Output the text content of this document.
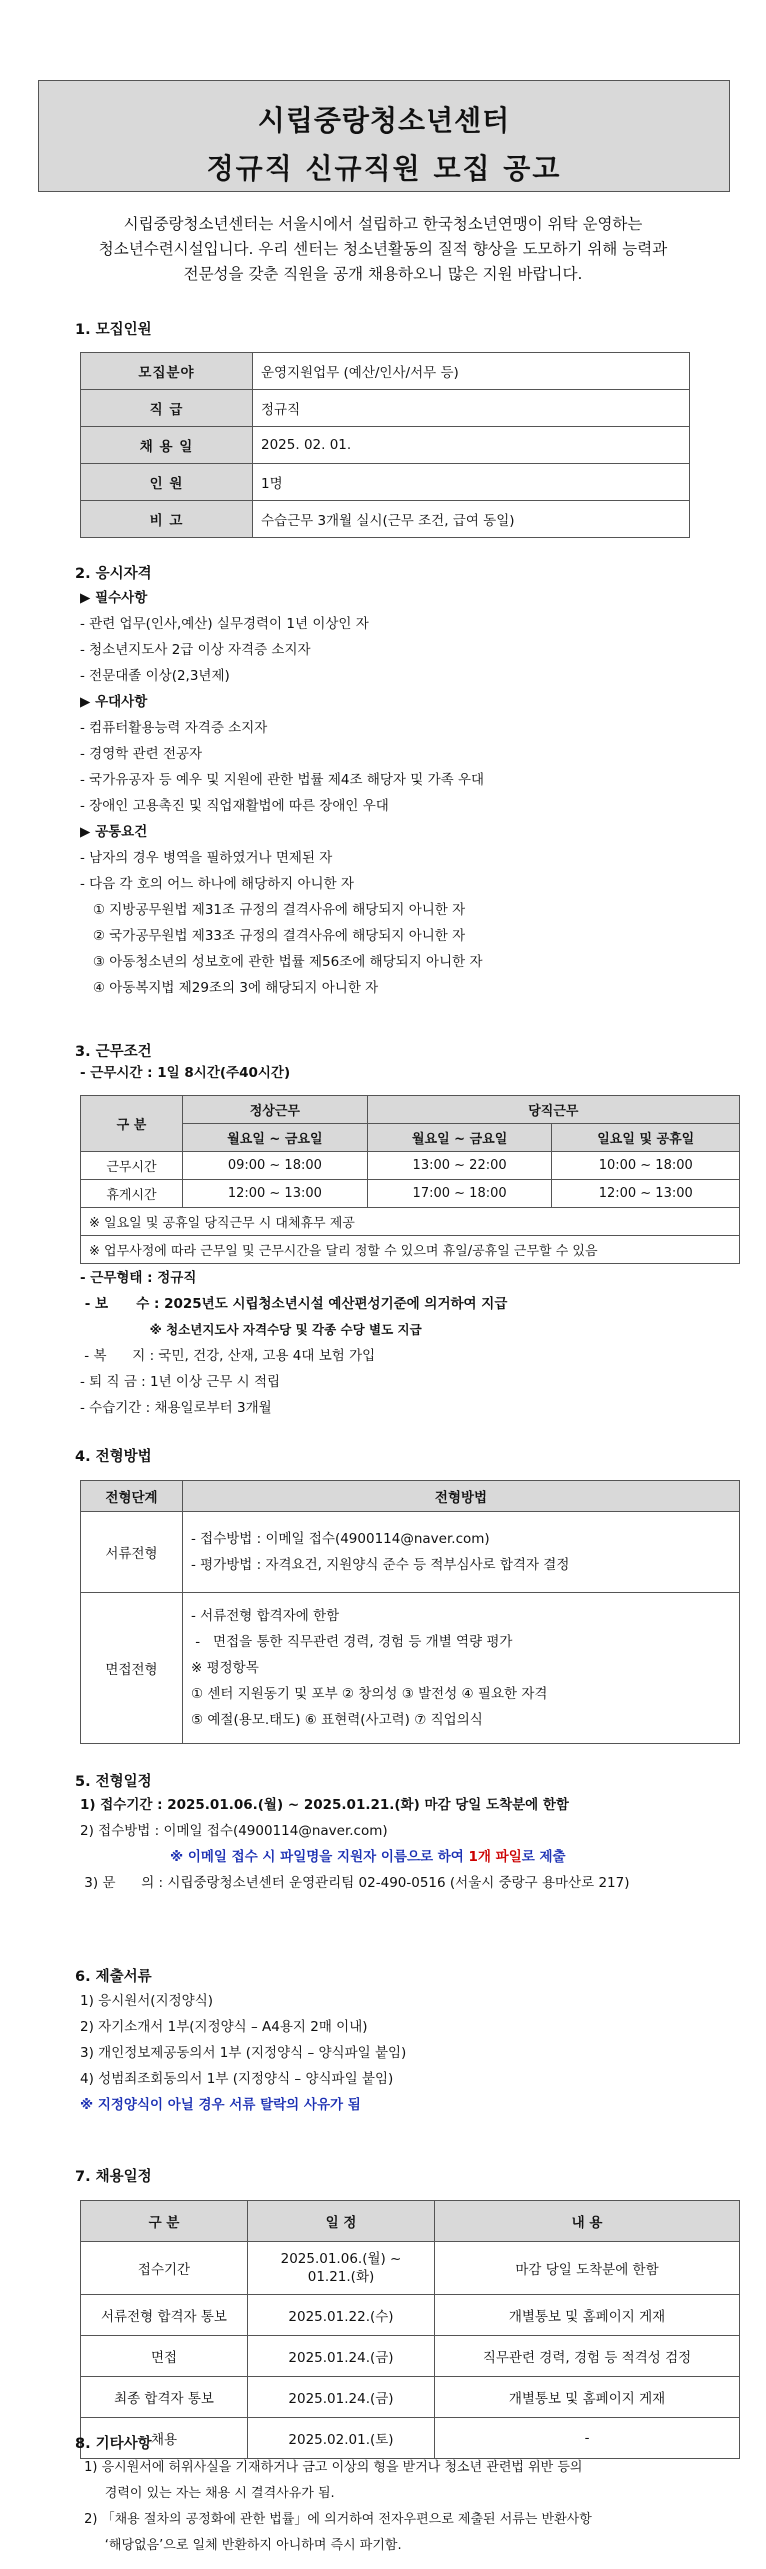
시립중랑청소년센터
정규직 신규직원 모집 공고
시립중랑청소년센터는 서울시에서 설립하고 한국청소년연맹이 위탁 운영하는
청소년수련시설입니다. 우리 센터는 청소년활동의 질적 향상을 도모하기 위해 능력과
전문성을 갖춘 직원을 공개 채용하오니 많은 지원 바랍니다.
1. 모집인원
모집분야	운영지원업무 (예산/인사/서무 등)
직 급	정규직
채 용 일	2025. 02. 01.
인 원	1명
비 고	수습근무 3개월 실시(근무 조건, 급여 동일)
2. 응시자격
▶ 필수사항
- 관련 업무(인사,예산) 실무경력이 1년 이상인 자
- 청소년지도사 2급 이상 자격증 소지자
- 전문대졸 이상(2,3년제)
▶ 우대사항
- 컴퓨터활용능력 자격증 소지자
- 경영학 관련 전공자
- 국가유공자 등 예우 및 지원에 관한 법률 제4조 해당자 및 가족 우대
- 장애인 고용촉진 및 직업재활법에 따른 장애인 우대
▶ 공통요건
- 남자의 경우 병역을 필하였거나 면제된 자
- 다음 각 호의 어느 하나에 해당하지 아니한 자
① 지방공무원법 제31조 규정의 결격사유에 해당되지 아니한 자
② 국가공무원법 제33조 규정의 결격사유에 해당되지 아니한 자
③ 아동청소년의 성보호에 관한 법률 제56조에 해당되지 아니한 자
④ 아동복지법 제29조의 3에 해당되지 아니한 자
3. 근무조건
- 근무시간 : 1일 8시간(주40시간)
구 분	정상근무	당직근무	
	월요일 ~ 금요일	월요일 ~ 금요일	일요일 및 공휴일
근무시간	09:00 ~ 18:00	13:00 ~ 22:00	10:00 ~ 18:00
휴게시간	12:00 ~ 13:00	17:00 ~ 18:00	12:00 ~ 13:00
※ 일요일 및 공휴일 당직근무 시 대체휴무 제공			
※ 업무사정에 따라 근무일 및 근무시간을 달리 정할 수 있으며 휴일/공휴일 근무할 수 있음			
- 근무형태 : 정규직
- 보      수 : 2025년도 시립청소년시설 예산편성기준에 의거하여 지급
※ 청소년지도사 자격수당 및 각종 수당 별도 지급
- 복      지 : 국민, 건강, 산재, 고용 4대 보험 가입
- 퇴 직 금 : 1년 이상 근무 시 적립
- 수습기간 : 채용일로부터 3개월
4. 전형방법
전형단계	전형방법
서류전형	- 접수방법 : 이메일 접수(4900114@naver.com)
- 평가방법 : 자격요건, 지원양식 준수 등 적부심사로 합격자 결정

면접전형	- 서류전형 합격자에 한함
-   면접을 통한 직무관련 경력, 경험 등 개별 역량 평가
※ 평정항목
① 센터 지원동기 및 포부 ② 창의성 ③ 발전성 ④ 필요한 자격
⑤ 예절(용모.태도) ⑥ 표현력(사고력) ⑦ 직업의식
5. 전형일정
1) 접수기간 : 2025.01.06.(월) ~ 2025.01.21.(화) 마감 당일 도착분에 한함
2) 접수방법 : 이메일 접수(4900114@naver.com)
※ 이메일 접수 시 파일명을 지원자 이름으로 하여 1개 파일로 제출
3) 문      의 : 시립중랑청소년센터 운영관리팀 02-490-0516 (서울시 중랑구 용마산로 217)
6. 제출서류
1) 응시원서(지정양식)
2) 자기소개서 1부(지정양식 – A4용지 2매 이내)
3) 개인정보제공동의서 1부 (지정양식 – 양식파일 붙임)
4) 성범죄조회동의서 1부 (지정양식 – 양식파일 붙임)
※ 지정양식이 아닐 경우 서류 탈락의 사유가 됨
7. 채용일정
구 분	일 정	내 용
접수기간	2025.01.06.(월) ~
01.21.(화)	마감 당일 도착분에 한함
서류전형 합격자 통보	2025.01.22.(수)	개별통보 및 홈페이지 게재
면접	2025.01.24.(금)	직무관련 경력, 경험 등 적격성 검정
최종 합격자 통보	2025.01.24.(금)	개별통보 및 홈페이지 게재
채용	2025.02.01.(토)	-
8. 기타사항
1) 응시원서에 허위사실을 기재하거나 금고 이상의 형을 받거나 청소년 관련법 위반 등의
경력이 있는 자는 채용 시 결격사유가 됨.
2) 「채용 절차의 공정화에 관한 법률」에 의거하여 전자우편으로 제출된 서류는 반환사항
‘해당없음’으로 일체 반환하지 아니하며 즉시 파기함.
